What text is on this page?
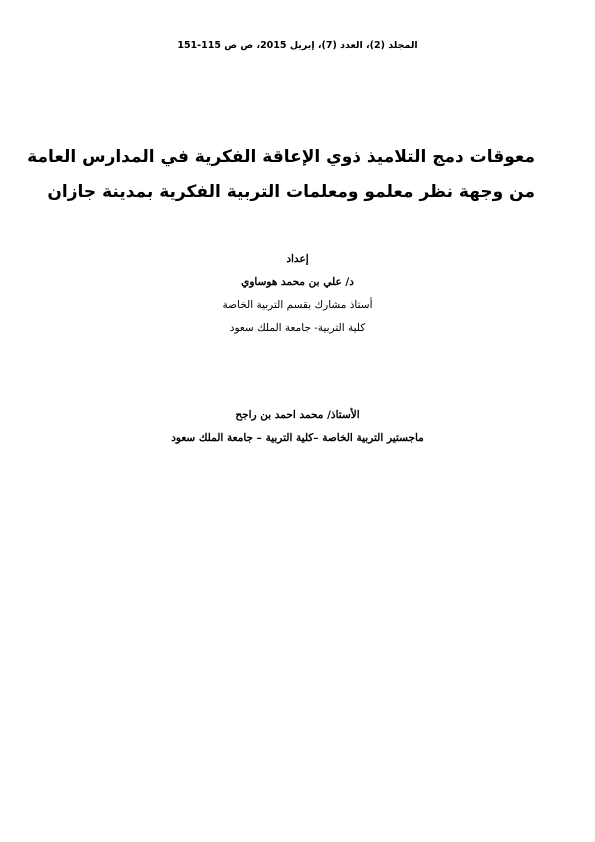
المجلد (2)، العدد (7)، إبريل 2015، ص ص 115-151
معوقات دمج التلاميذ ذوي الإعاقة الفكرية في المدارس العامة
من وجهة نظر معلمو ومعلمات التربية الفكرية بمدينة جازان
إعداد
د/ علي بن محمد هوساوي
أستاذ مشارك بقسم التربية الخاصة
كلية التربية- جامعة الملك سعود
الأستاذ/ محمد احمد بن راجح
ماجستير التربية الخاصة –كلية التربية – جامعة الملك سعود
